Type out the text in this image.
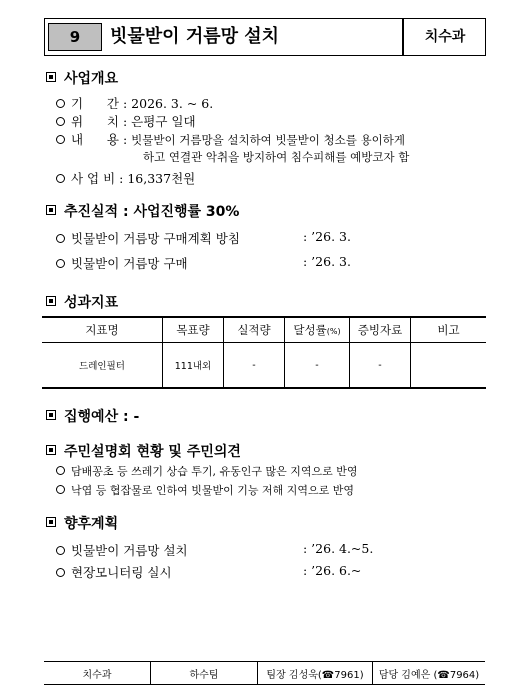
9	빗물받이 거름망 설치	치수과
사업개요
기      간 : 2026. 3. ~ 6.
위      치 : 은평구 일대
내      용 : 빗물받이 거름망을 설치하여 빗물받이 청소를 용이하게
하고 연결관 악취을 방지하여 침수피해를 예방코자 함
사 업 비 : 16,337천원
추진실적 : 사업진행률 30%
빗물받이 거름망 구매계획 방침	: ’26. 3.
빗물받이 거름망 구매	: ’26. 3.
성과지표
지표명	목표량	실적량	달성률(%)	증빙자료	비고
드레인필터	111내외	-	-	-	
집행예산 : -
주민설명회 현황 및 주민의견
담배꽁초 등 쓰레기 상습 투기, 유동인구 많은 지역으로 반영
낙엽 등 협잡물로 인하여 빗물받이 기능 저해 지역으로 반영
향후계획
빗물받이 거름망 설치	: ’26. 4.~5.
현장모니터링 실시	: ’26. 6.~
치수과	하수팀	팀장 김성욱(☎7961)	담당 김예은 (☎7964)
